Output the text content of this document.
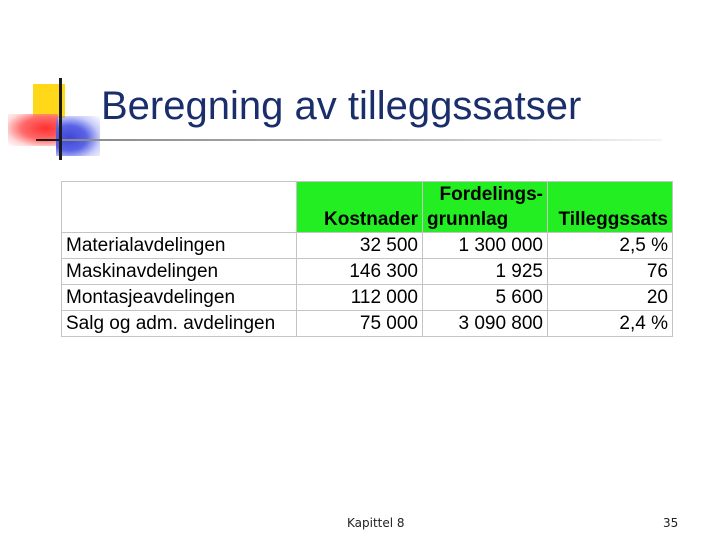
Beregning av tilleggssatser
	Kostnader	Fordelings-	Tilleggssats
		grunnlag	
Materialavdelingen	32 500	1 300 000	2,5 %
Maskinavdelingen	146 300	1 925	76
Montasjeavdelingen	112 000	5 600	20
Salg og adm. avdelingen	75 000	3 090 800	2,4 %
Kapittel 8	35
